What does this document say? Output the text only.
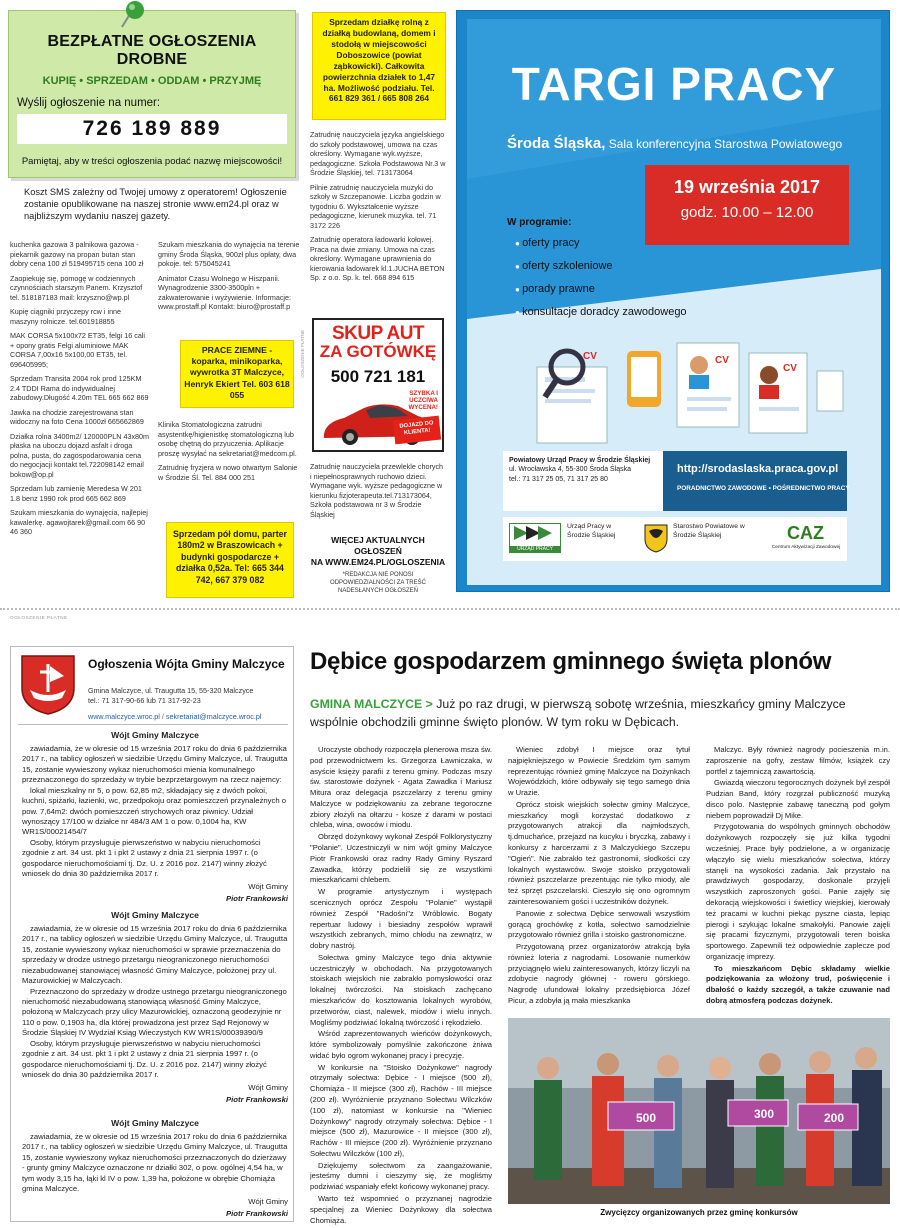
BEZPŁATNE OGŁOSZENIA DROBNE
KUPIĘ • SPRZEDAM • ODDAM • PRZYJMĘ
Wyślij ogłoszenie na numer:
726 189 889
Pamiętaj, aby w treści ogłoszenia podać nazwę miejscowości!
Koszt SMS zależny od Twojej umowy z operatorem! Ogłoszenie zostanie opublikowane na naszej stronie www.em24.pl oraz w najbliższym wydaniu naszej gazety.

kuchenka gazowa 3 palnikowa gazowa -piekarnik gazowy na propan butan stan dobry cena 100 zł 519495715 cena 100 zł

Zaopiekuję się, pomogę w codziennych czynnościach starszym Panem. Krzysztof tel. 518187183 mail: krzyszno@wp.pl

Kupię ciągniki przyczepy rcw i inne maszyny rolnicze. tel.601918855

MAK CORSA 5x100x72 ET35, felgi 16 cali + opony gratis Felgi aluminiowe MAK CORSA 7,00x16 5x100,00 ET35, tel. 696405995;

Sprzedam Transita 2004 rok prod 125KM 2.4 TDDI Rama do indywidualnej zabudowy.Długość 4.20m TEL 665 662 869

Jawka na chodzie zarejestrowana stan widoczny na foto Cena 1000zł 665662869

Działka rolna 3400m2/ 120000PLN 43x80m płaska na uboczu dojazd asfalt i droga polna, pusta, do zagospodarowania cena do negocjacji kontakt tel.722098142 email bokow@op.pl

Sprzedam lub zamienię Meredesa W 201 1.8 benz 1990 rok prod 665 662 869

Szukam mieszkania do wynajęcia, najlepiej kawalerkę. agawojtarek@gmail.com 66 90 46 360

Szukam mieszkania do wynajęcia na terenie gminy Środa Śląska, 900zł plus opłaty, dwa pokoje. tel: 575045241

Animator Czasu Wolnego w Hiszpanii. Wynagrodzenie 3300-3500pln + zakwaterowanie i wyżywienie. Informacje: www.prostaff.pl Kontakt: biuro@prostaff.p

PRACE ZIEMNE - koparka, minikoparka, wywrotka 3T Malczyce, Henryk Ekiert Tel. 603 618 055

Klinika Stomatologiczna zatrudni asystentkę/higienistkę stomatologiczną lub osobę chętną do przyuczenia. Aplikacje proszę wysyłać na sekretariat@medcom.pl.

Zatrudnię fryzjera w nowo otwartym Salonie w Środzie Śl. Tel. 884 000 251

Sprzedam pół domu, parter 180m2 w Braszowicach + budynki gospodarcze + działka 0,52a. Tel: 665 344 742, 667 379 082
Sprzedam działkę rolną z działką budowlaną, domem i stodołą w miejscowości Doboszowice (powiat ząbkowicki). Całkowita powierzchnia działek to 1,47 ha. Możliwość podziału. Tel. 661 829 361 / 665 808 264

Zatrudnię nauczyciela języka angielskiego do szkoły podstawowej, umowa na czas określony. Wymagane wyk.wyższe, pedagogiczne. Szkoła Podstawowa Nr.3 w Środzie Śląskiej, tel. 713173064

Pilnie zatrudnię nauczyciela muzyki do szkoły w Szczepanowie. Liczba godzin w tygodniu 6. Wykształcenie wyższe pedagogiczne, kierunek muzyka. tel. 71 3172 226

Zatrudnię operatora ładowarki kołowej. Praca na dwie zmiany. Umowa na czas określony. Wymagane uprawnienia do kierowania ładowarek kl.1.JUCHA BETON Sp. z o.o. Sp. k. tel. 668 894 615

SKUP AUT
ZA GOTÓWKĘ
500 721 181
SZYBKA I UCZCIWA WYCENA!
DOJAZD DO KLIENTA!
OGŁOSZENIE PŁATNE

Zatrudnię nauczyciela przewlekle chorych i niepełnosprawnych ruchowo dzieci. Wymagane wyk. wyższe pedagogiczne w kierunku fizjoterapeuta.tel.713173064, Szkoła podstawowa nr 3 w Środzie Śląskiej

WIĘCEJ AKTUALNYCH OGŁOSZEŃ
NA WWW.EM24.PL/OGLOSZENIA
*REDAKCJA NIE PONOSI ODPOWIEDZIALNOŚCI ZA TREŚĆ NADESŁANYCH OGŁOSZEŃ
TARGI PRACY
Środa Śląska, Sala konferencyjna Starostwa Powiatowego
19 września 2017
godz. 10.00 – 12.00
W programie:
● oferty pracy
● oferty szkoleniowe
● porady prawne
● konsultacje doradcy zawodowego
CV	CV
CV
Powiatowy Urząd Pracy w Środzie Śląskiej
ul. Wrocławska 4, 55-300 Środa Śląska
tel.: 71 317 25 05, 71 317 25 80
http://srodaslaska.praca.gov.pl
PORADNICTWO ZAWODOWE • POŚREDNICTWO PRACY
URZĄD PRACY
Urząd Pracy w Środzie Śląskiej
Starostwo Powiatowe w Środzie Śląskiej	CAZ
Centrum Aktywizacji Zawodowej
OGŁOSZENIE PŁATNE
Ogłoszenia Wójta Gminy Malczyce
Gmina Malczyce, ul. Traugutta 15, 55-320 Malczyce
tel.: 71 317-90-66 lub 71 317-92-23
www.malczyce.wroc.pl / sekretariat@malczyce.wroc.pl
Wójt Gminy Malczyce

zawiadamia, że w okresie od 15 września 2017 roku do dnia 6 października 2017 r., na tablicy ogłoszeń w siedzibie Urzędu Gminy Malczyce, ul. Traugutta 15, zostanie wywieszony wykaz nieruchomości mienia komunalnego przeznaczonego do sprzedaży w trybie bezprzetargowym na rzecz najemcy:

lokal mieszkalny nr 5, o pow. 62,85 m2, składający się z dwóch pokoi, kuchni, spiżarki, łazienki, wc, przedpokoju oraz pomieszczeń przynależnych o pow. 7,64m2: dwóch pomieszczeń strychowych oraz piwnicy. Udział wynoszący 17/100 w działce nr 484/3 AM 1 o pow. 0,1004 ha, KW WR1S/00021454/7

Osoby, którym przysługuje pierwszeństwo w nabyciu nieruchomości zgodnie z art. 34 ust. pkt 1 i pkt 2 ustawy z dnia 21 sierpnia 1997 r. (o gospodarce nieruchomościami tj. Dz. U. z 2016 poz. 2147) winny złożyć wniosek do dnia 30 października 2017 r.

Wójt Gminy
Piotr Frankowski
Wójt Gminy Malczyce

zawiadamia, że w okresie od 15 września 2017 roku do dnia 6 października 2017 r., na tablicy ogłoszeń w siedzibie Urzędu Gminy Malczyce, ul. Traugutta 15, zostanie wywieszony wykaz nieruchomości w sprawie przeznaczenia do sprzedaży w drodze ustnego przetargu nieograniczonego nieruchomości niezabudowanej stanowiącej własność Gminy Malczyce, położonej przy ul. Mazurowickiej w Malczycach.

Przeznaczono do sprzedaży w drodze ustnego przetargu nieograniczonego nieruchomość niezabudowaną stanowiącą własność Gminy Malczyce, położoną w Malczycach przy ulicy Mazurowickiej, oznaczoną geodezyjnie nr 110 o pow. 0,1903 ha, dla której prowadzona jest przez Sąd Rejonowy w Środzie Śląskiej IV Wydział Ksiąg Wieczystych KW WR1S/00039390/9

Osoby, którym przysługuje pierwszeństwo w nabyciu nieruchomości zgodnie z art. 34 ust. pkt 1 i pkt 2 ustawy z dnia 21 sierpnia 1997 r. (o gospodarce nieruchomościami tj. Dz. U. z 2016 poz. 2147) winny złożyć wniosek do dnia 30 października 2017 r.

Wójt Gminy
Piotr Frankowski
Wójt Gminy Malczyce

zawiadamia, że w okresie od 15 września 2017 roku do dnia 6 października 2017 r., na tablicy ogłoszeń w siedzibie Urzędu Gminy Malczyce, ul. Traugutta 15, zostanie wywieszony wykaz nieruchomości przeznaczonych do dzierżawy - grunty gminy Malczyce oznaczone nr działki 302, o pow. ogólnej 4,54 ha, w tym wody 3,15 ha, łąki kl IV o pow. 1,39 ha, położone w obrębie Chomiąża gmina Malczyce.

Wójt Gminy
Piotr Frankowski
Dębice gospodarzem gminnego święta plonów
GMINA MALCZYCE > Już po raz drugi, w pierwszą sobotę września, mieszkańcy gminy Malczyce wspólnie obchodzili gminne święto plonów. W tym roku w Dębicach.

Uroczyste obchody rozpoczęła plenerowa msza św. pod przewodnictwem ks. Grzegorza Ławniczaka, w asyście księży parafii z terenu gminy. Podczas mszy św. starostowie dożynek - Agata Zawadka i Mariusz Mitura oraz delegacja pszczelarzy z terenu gminy Malczyce w podziękowaniu za zebrane tegoroczne zbiory złożyli na ołtarzu - kosze z darami w postaci chleba, wina, owoców i miodu.

Obrzęd dożynkowy wykonał Zespół Folklorystyczny "Polanie". Uczestniczyli w nim wójt gminy Malczyce Piotr Frankowski oraz radny Rady Gminy Ryszard Zawadka, którzy podzielili się ze wszystkimi mieszkańcami chlebem.

W programie artystycznym i występach scenicznych oprócz Zespołu "Polanie" wystąpił również Zespół "Radośni"z Wróblowic. Bogaty repertuar ludowy i biesiadny zespołów wprawił wszystkich zebranych, mimo chłodu na zewnątrz, w dobry nastrój.

Sołectwa gminy Malczyce tego dnia aktywnie uczestniczyły w obchodach. Na przygotowanych stoiskach wiejskich nie zabrakło pomysłowości oraz lokalnej twórczości. Na stoiskach zachęcano mieszkańców do kosztowania lokalnych wyrobów, przetworów, ciast, nalewek, miodów i wielu innych. Mogliśmy podziwiać lokalną twórczość i rękodzieło.

Wśród zaprezentowanych wieńców dożynkowych, które symbolizowały pomyślnie zakończone żniwa widać było ogrom wykonanej pracy i precyzję.

W konkursie na "Stoisko Dożynkowe" nagrody otrzymały sołectwa: Dębice - I miejsce (500 zł), Chomiąża - II miejsce (300 zł), Rachów - III miejsce (200 zł). Wyróżnienie przyznano Sołectwu Wilczków (100 zł), natomiast w konkursie na "Wieniec Dożynkowy" nagrody otrzymały sołectwa: Dębice - I miejsce (500 zł), Mazurowice - II miejsce (300 zł), Rachów - III miejsce (200 zł). Wyróżnienie przyznano Sołectwu Wilczków (100 zł),

Dziękujemy sołectwom za zaangażowanie, jesteśmy dumni i cieszymy się, że mogliśmy podziwiać wspaniały efekt końcowy wykonanej pracy.

Warto też wspomnieć o przyznanej nagrodzie specjalnej za Wieniec Dożynkowy dla sołectwa Chomiąża.

Wieniec zdobył I miejsce oraz tytuł najpiękniejszego w Powiecie Średzkim tym samym reprezentując również gminę Malczyce na Dożynkach Wojewódzkich, które odbywały się tego samego dnia w Uraziе.

Oprócz stoisk wiejskich sołectw gminy Malczyce, mieszkańcy mogli korzystać dodatkowo z przygotowanych atrakcji dla najmłodszych, tj.dmuchańce, przejazd na kucyku i bryczką, zabawy i konkursy z harcerzami z 3 Malczyckiego Szczepu "Ogień". Nie zabrakło też gastronomii, słodkości czy lokalnych wystawców. Swoje stoisko przygotowali również pszczelarze prezentując nie tylko miody, ale też sprzęt pszczelarski. Cieszyło się ono ogromnym zainteresowaniem gości i uczestników dożynek.

Panowie z sołectwa Dębice serwowali wszystkim gorącą grochówkę z kotła, sołectwo samodzielnie przygotowało również grilla i stoisko gastronomiczne.

Przygotowaną przez organizatorów atrakcją była również loteria z nagrodami. Losowanie numerków przyciągnęło wielu zainteresowanych, którzy liczyli na zdobycie nagrody głównej - roweru górskiego. Nagrodę ufundował lokalny przedsiębiorca Józef Picur, a zdobyła ją mała mieszkanka

Malczyc. Były również nagrody pocieszenia m.in. zaproszenie na gofry, zestaw filmów, książek czy portfel z tajemniczą zawartością.

Gwiazdą wieczoru tegorocznych dożynek był zespół Pudzian Band, który rozgrzał publiczność muzyką disco polo. Następnie zabawę taneczną pod gołym niebem poprowadził Dj Mike.

Przygotowania do wspólnych gminnych obchodów dożynkowych rozpoczęły się już kilka tygodni wcześniej. Prace były podzielone, a w organizację włączyło się wielu mieszkańców sołectwa, którzy stanęli na wysokości zadania. Jak przystało na prawdziwych gospodarzy, doskonale przyjęli wszystkich zaproszonych gości. Panie zajęły się dekoracją wiejskowości i świetlicy wiejskiej, kierowały też pracami w kuchni piekąc pyszne ciasta, lepiąc pierogi i szykując lokalne smakołyki. Panowie zajęli się pracami fizycznymi, przygotowali teren boiska sportowego. Zapewnili też odpowiednie zaplecze pod organizację imprezy.

To mieszkańcom Dębic składamy wielkie podziękowania za włożony trud, poświęcenie i dbałość o każdy szczegół, a także czuwanie nad dobrą atmosferą podczas dożynek.

500	300	200
Zwycięzcy organizowanych przez gminę konkursów
